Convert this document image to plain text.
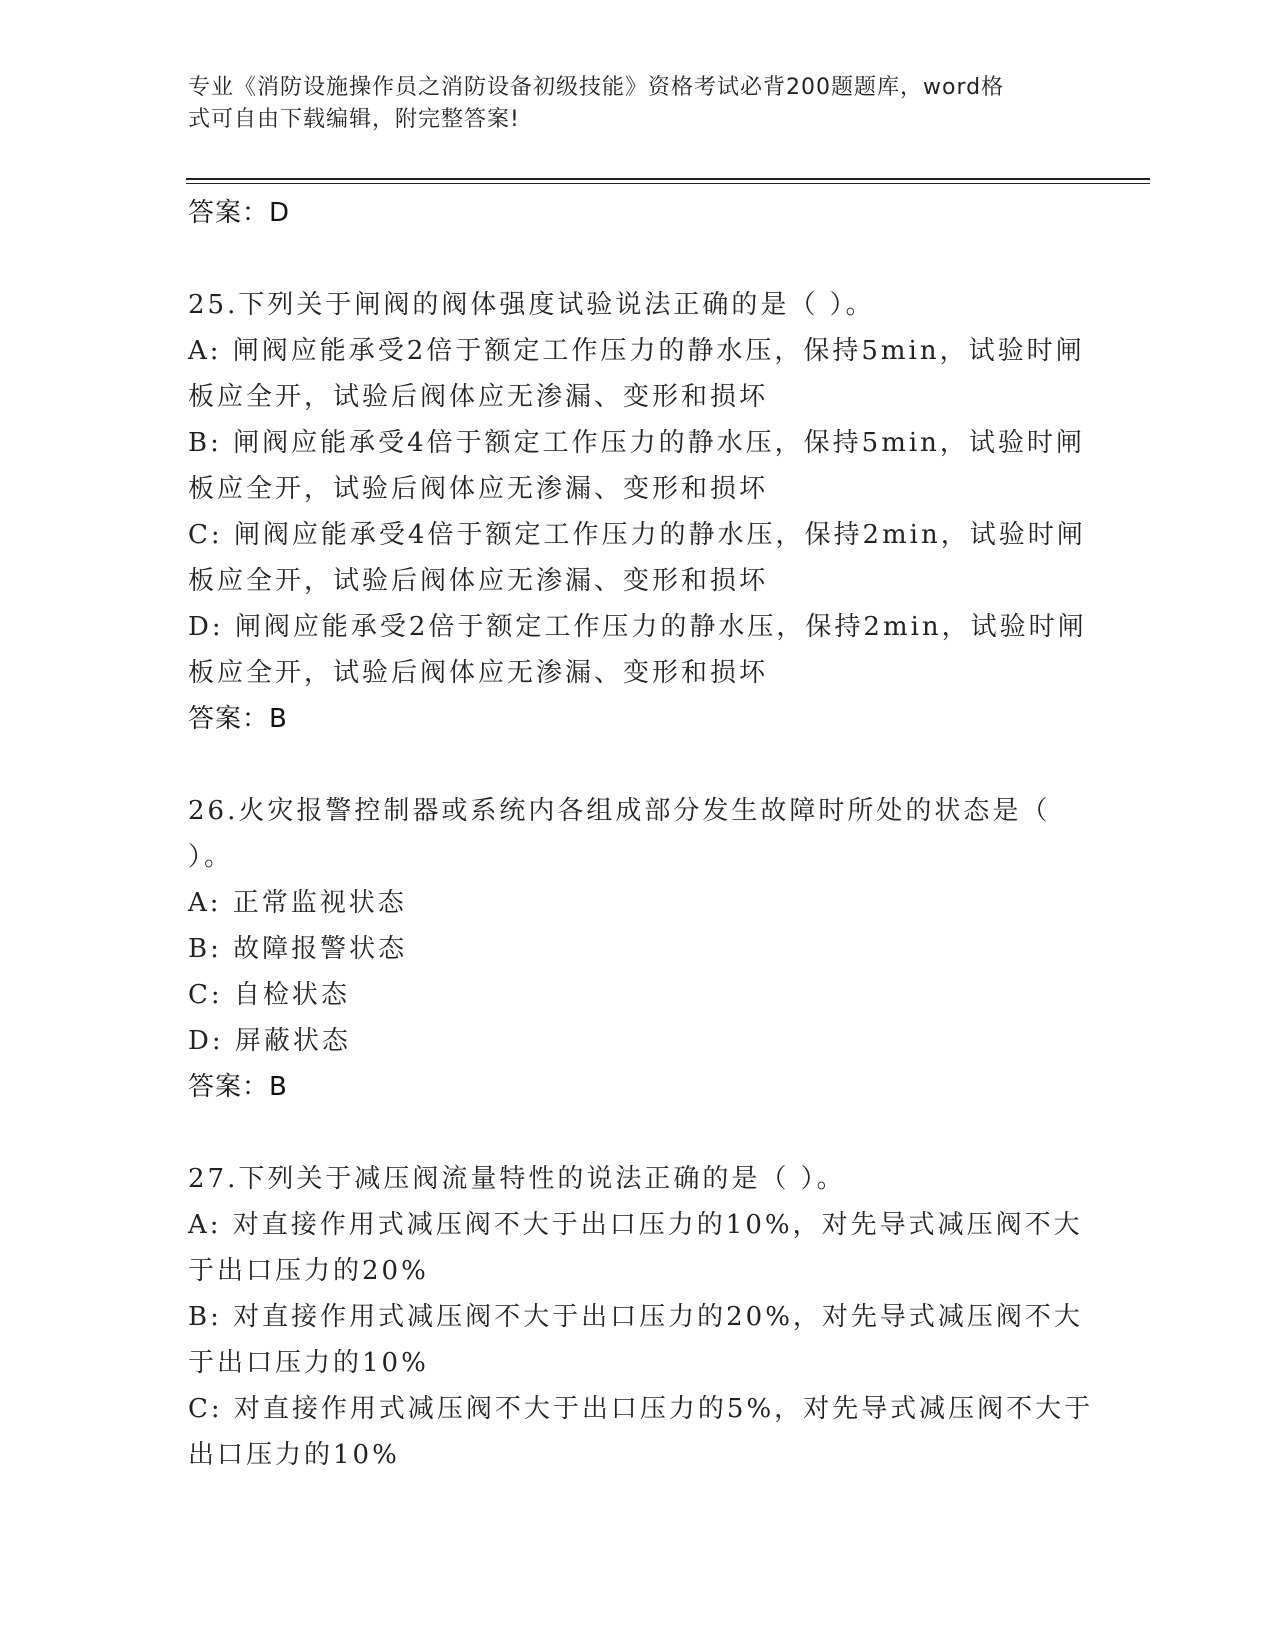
专业《消防设施操作员之消防设备初级技能》资格考试必背200题题库，word格
式可自由下载编辑，附完整答案!
答案：D
25.下列关于闸阀的阀体强度试验说法正确的是（ ）。
A: 闸阀应能承受2倍于额定工作压力的静水压，保持5min，试验时闸
板应全开，试验后阀体应无渗漏、变形和损坏
B: 闸阀应能承受4倍于额定工作压力的静水压，保持5min，试验时闸
板应全开，试验后阀体应无渗漏、变形和损坏
C: 闸阀应能承受4倍于额定工作压力的静水压，保持2min，试验时闸
板应全开，试验后阀体应无渗漏、变形和损坏
D: 闸阀应能承受2倍于额定工作压力的静水压，保持2min，试验时闸
板应全开，试验后阀体应无渗漏、变形和损坏
答案：B
26.火灾报警控制器或系统内各组成部分发生故障时所处的状态是（
）。
A: 正常监视状态
B: 故障报警状态
C: 自检状态
D: 屏蔽状态
答案：B
27.下列关于减压阀流量特性的说法正确的是（ ）。
A: 对直接作用式减压阀不大于出口压力的10%，对先导式减压阀不大
于出口压力的20%
B: 对直接作用式减压阀不大于出口压力的20%，对先导式减压阀不大
于出口压力的10%
C: 对直接作用式减压阀不大于出口压力的5%，对先导式减压阀不大于
出口压力的10%
